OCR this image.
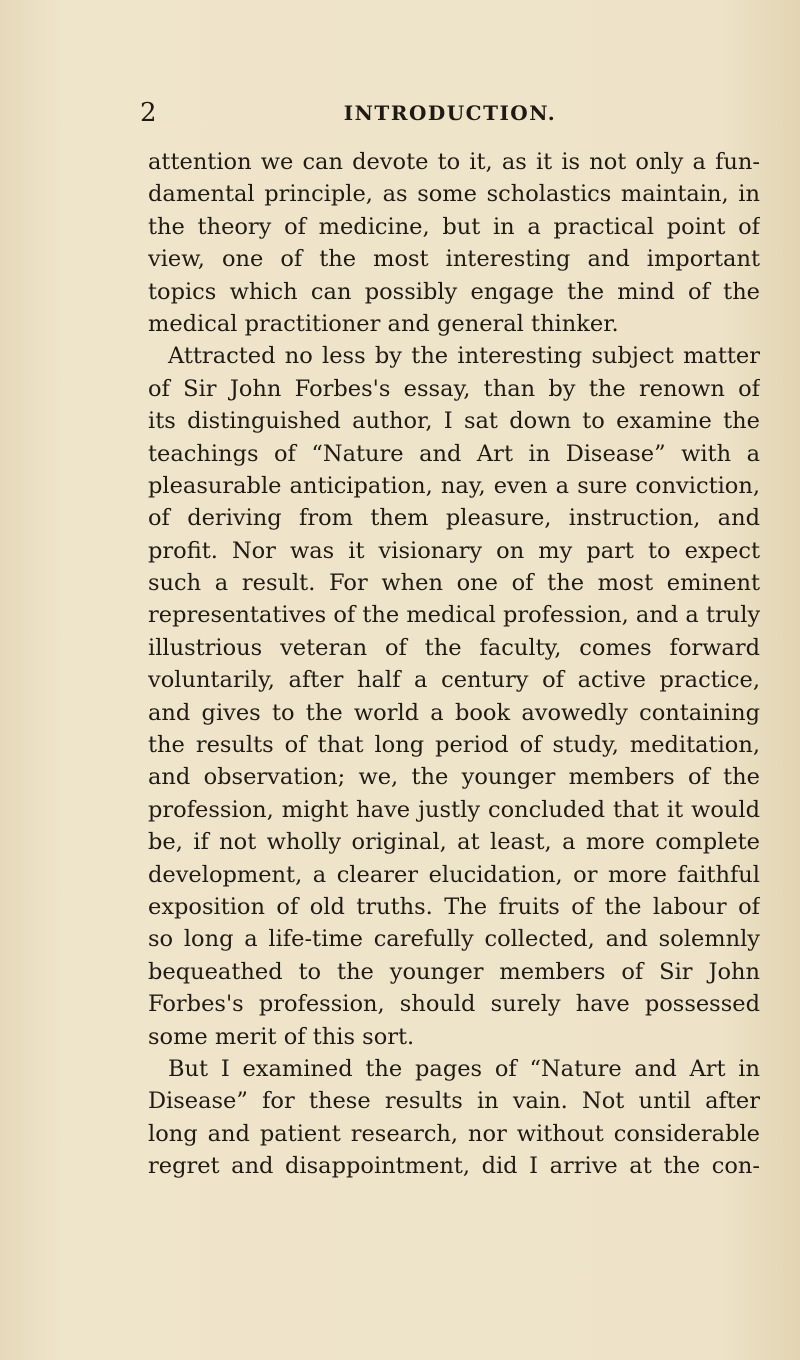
2	INTRODUCTION.
attention we can devote to it, as it is not only a fun-
damental principle, as some scholastics maintain, in
the theory of medicine, but in a practical point of
view, one of the most interesting and important
topics which can possibly engage the mind of the
medical practitioner and general thinker.
Attracted no less by the interesting subject matter
of Sir John Forbes's essay, than by the renown of
its distinguished author, I sat down to examine the
teachings of “Nature and Art in Disease” with a
pleasurable anticipation, nay, even a sure conviction,
of deriving from them pleasure, instruction, and
profit. Nor was it visionary on my part to expect
such a result. For when one of the most eminent
representatives of the medical profession, and a truly
illustrious veteran of the faculty, comes forward
voluntarily, after half a century of active practice,
and gives to the world a book avowedly containing
the results of that long period of study, meditation,
and observation; we, the younger members of the
profession, might have justly concluded that it would
be, if not wholly original, at least, a more complete
development, a clearer elucidation, or more faithful
exposition of old truths. The fruits of the labour of
so long a life-time carefully collected, and solemnly
bequeathed to the younger members of Sir John
Forbes's profession, should surely have possessed
some merit of this sort.
But I examined the pages of “Nature and Art in
Disease” for these results in vain. Not until after
long and patient research, nor without considerable
regret and disappointment, did I arrive at the con-
